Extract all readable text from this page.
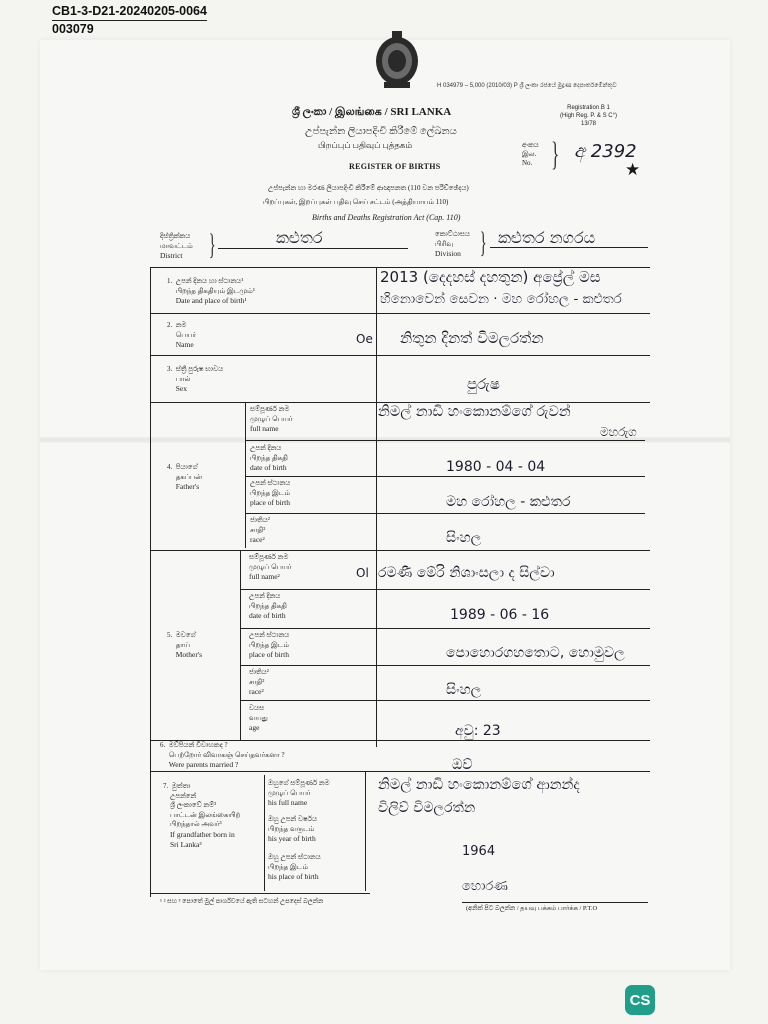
CB1-3-D21-20240205-0064
003079
H 034979 – 5,000 (2010/03) P ශ්‍රී ලංකා රජයේ මුද්‍රණ දෙපාර්තමේන්තුව
ශ්‍රී ලංකා / இலங்கை / SRI LANKA
උප්පැන්න ලියාපදිංචි කිරීමේ ලේඛනය
பிறப்புப் பதிவுப் புத்தகம்
REGISTER OF BIRTHS
Registration B 1
(High Reg. P. & S C°)
13/78
අංකය
இல.
No. } අ 2392
★
උප්පැන්න හා මරණ ලියාපදිංචි කිරීමේ ආඥාපනත (110 වන පරිච්ඡේදය)
பிறப்புகள், இறப்புகள் பதிவு செய் சட்டம் (அத்தியாயம் 110)
Births and Deaths Registration Act (Cap. 110)
දිස්ත්‍රික්කය
மாவட்டம்
District }	කළුතර	කොට්ඨාසය
பிரிவு
Division } කළුතර නගරය
1. උපන් දිනය හා ස්ථානය¹
பிறந்த திகதியும் இடமும்¹
Date and place of birth¹
2013 (දෙදහස් දහතුන) අප්‍රේල් මස
හිනොවෙන් සෙවන · මහ රෝහල - කළුතර
2. නම
பெயர்
Name	Oe නිතුන දිනත් විමලරත්න
3. ස්ත්‍රී පුරුෂ භාවය
பால்
Sex	පුරුෂ
4. පියාගේ
தகப்பன்
Father's
සම්පූර්ණ නම
முழுப் பெயர்
full name
නිමල් නාඩි හංකොනම්ගේ රුවන්
මහරුග
උපන් දිනය
பிறந்த திகதி
date of birth	1980 - 04 - 04
උපන් ස්ථානය
பிறந்த இடம்
place of birth	මහ රෝහල - කළුතර
ජාතිය²
சாதி²
race²	සිංහල
5. මවගේ
தாய்
Mother's
සම්පූර්ණ නම
முழுப் பெயர்
full name²	Ol රමණී මේරි නිශාංසලා ද සිල්වා
උපන් දිනය
பிறந்த திகதி
date of birth	1989 - 06 - 16
උපන් ස්ථානය
பிறந்த இடம்
place of birth	පොහොරගහතොට, හොමුවල
ජාතිය²
சாதி²
race²	සිංහල
වයස
வயது
age	අවු: 23
6. මව්පියන් විවාහකද ?
பெற்றோர் விவாகஞ் செய்தவர்களா ?
Were parents married ?	ඔව්
7. මුත්තා
උපන්නේ
ශ්‍රී ලංකාවේ නම්³
பாட்டன் இலங்கையிற்
பிறந்தால் அவர்³
If grandfather born in
Sri Lanka³
ඔහුගේ සම්පූර්ණ නම
முழுப் பெயர்
his full name
නිමල් නාඩි හංකොනම්ගේ ආනන්ද
විලිව් විමලරත්න
ඔහු උපන් වර්ෂය
பிறந்த வருடம்
his year of birth
1964
ඔහු උපන් ස්ථානය
பிறந்த இடம்
his place of birth
හොරණ
¹ ² සහ ³ පොතේ මුල් පාර්ශ්වයේ ඇති සටහන් උපදෙස් බලන්න
(අනික් පිට බලන්න / தயவு பக்கம் பார்க்க / P.T.O
CS
